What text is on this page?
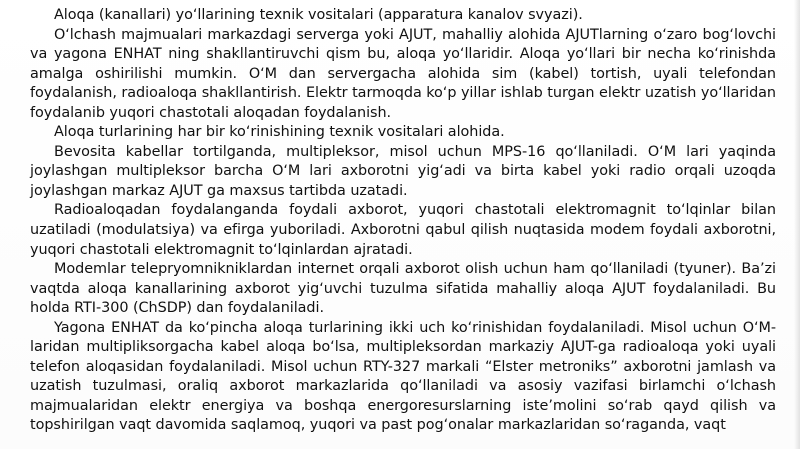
Aloqa (kanallari) yo‘llarining texnik vositalari (apparatura kanalov svyazi).

O‘lchash majmualari markazdagi serverga yoki AJUT, mahalliy alohida AJUTlarning o‘zaro bog‘lovchi va yagona ENHAT ning shakllantiruvchi qism bu, aloqa yo‘llaridir. Aloqa yo‘llari bir necha ko‘rinishda amalga oshirilishi mumkin. O‘M dan servergacha alohida sim (kabel) tortish, uyali telefondan foydalanish, radioaloqa shakllantirish. Elektr tarmoqda ko‘p yillar ishlab turgan elektr uzatish yo‘llaridan foydalanib yuqori chastotali aloqadan foydalanish.

Aloqa turlarining har bir ko‘rinishining texnik vositalari alohida.

Bevosita kabellar tortilganda, multipleksor, misol uchun MPS-16 qo‘llaniladi. O‘M lari yaqinda joylashgan multipleksor barcha O‘M lari axborotni yig‘adi va birta kabel yoki radio orqali uzoqda joylashgan markaz AJUT ga maxsus tartibda uzatadi.

Radioaloqadan foydalanganda foydali axborot, yuqori chastotali elektromagnit to‘lqinlar bilan uzatiladi (modulatsiya) va efirga yuboriladi. Axborotni qabul qilish nuqtasida modem foydali axborotni, yuqori chastotali elektromagnit to‘lqinlardan ajratadi.

Modemlar telepryomnikniklardan internet orqali axborot olish uchun ham qo‘llaniladi (tyuner). Ba’zi vaqtda aloqa kanallarining axborot yig‘uvchi tuzulma sifatida mahalliy aloqa AJUT foydalaniladi. Bu holda RTI-300 (ChSDP) dan foydalaniladi.

Yagona ENHAT da ko‘pincha aloqa turlarining ikki uch ko‘rinishidan foydalaniladi. Misol uchun O‘M-laridan multipliksorgacha kabel aloqa bo‘lsa, multipleksordan markaziy AJUT-ga radioaloqa yoki uyali telefon aloqasidan foydalaniladi. Misol uchun RTY-327 markali “Elster metroniks” axborotni jamlash va uzatish tuzulmasi, oraliq axborot markazlarida qo‘llaniladi va asosiy vazifasi birlamchi o‘lchash majmualaridan elektr energiya va boshqa energoresurslarning iste’molini so‘rab qayd qilish va topshirilgan vaqt davomida saqlamoq, yuqori va past pog‘onalar markazlaridan so‘raganda, vaqt
